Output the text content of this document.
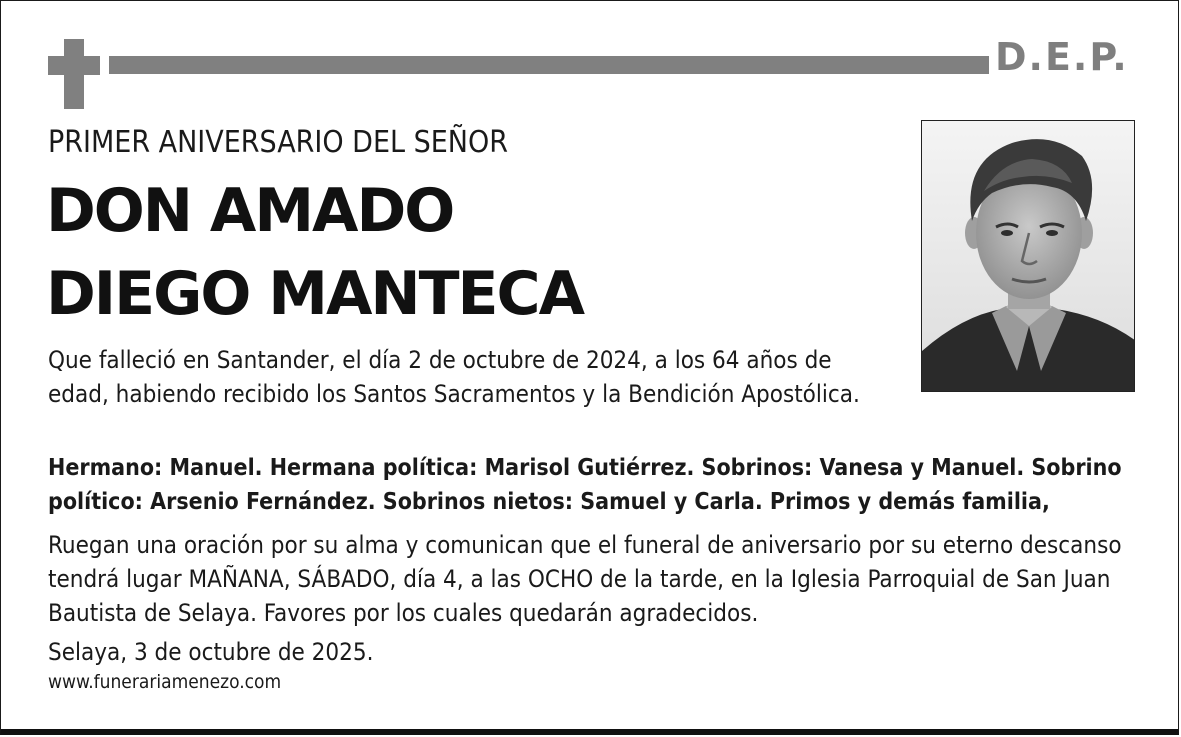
D.E.P.
PRIMER ANIVERSARIO DEL SEÑOR
DON AMADO
DIEGO MANTECA

Que falleció en Santander, el día 2 de octubre de 2024, a los 64 años de edad, habiendo recibido los Santos Sacramentos y la Bendición Apostólica.

Hermano: Manuel. Hermana política: Marisol Gutiérrez. Sobrinos: Vanesa y Manuel. Sobrino político: Arsenio Fernández. Sobrinos nietos: Samuel y Carla. Primos y demás familia,

Ruegan una oración por su alma y comunican que el funeral de aniversario por su eterno descanso tendrá lugar MAÑANA, SÁBADO, día 4, a las OCHO de la tarde, en la Iglesia Parroquial de San Juan Bautista de Selaya. Favores por los cuales quedarán agradecidos.

Selaya, 3 de octubre de 2025.

www.funerariamenezo.com
